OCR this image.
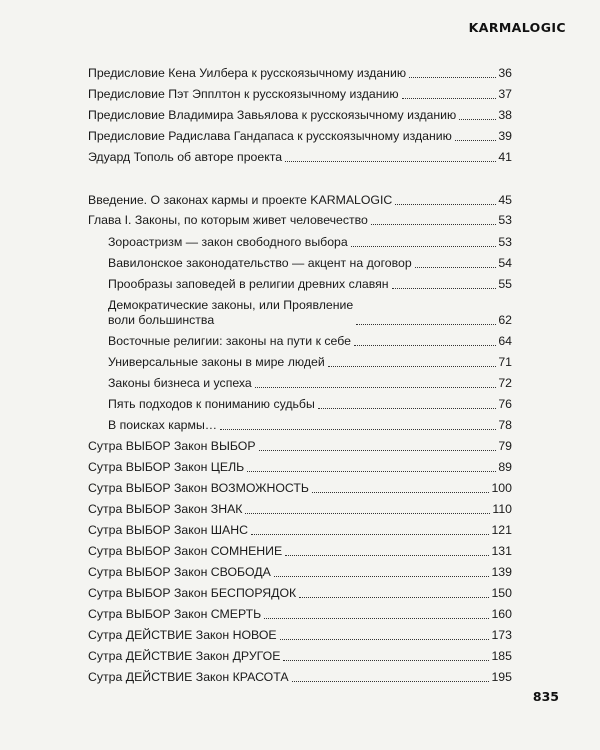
KARMALOGIC
Предисловие Кена Уилбера к русскоязычному изданию	36
Предисловие Пэт Эпплтон к русскоязычному изданию	37
Предисловие Владимира Завьялова к русскоязычному изданию	38
Предисловие Радислава Гандапаса к русскоязычному изданию	39
Эдуард Тополь об авторе проекта	41
Введение. О законах кармы и проекте KARMALOGIC	45
Глава I. Законы, по которым живет человечество	53
Зороастризм — закон свободного выбора	53
Вавилонское законодательство — акцент на договор	54
Прообразы заповедей в религии древних славян	55
Демократические законы, или Проявление
воли большинства	62
Восточные религии: законы на пути к себе	64
Универсальные законы в мире людей	71
Законы бизнеса и успеха	72
Пять подходов к пониманию судьбы	76
В поисках кармы…	78
Сутра ВЫБОР Закон ВЫБОР	79
Сутра ВЫБОР Закон ЦЕЛЬ	89
Сутра ВЫБОР Закон ВОЗМОЖНОСТЬ	100
Сутра ВЫБОР Закон ЗНАК	110
Сутра ВЫБОР Закон ШАНС	121
Сутра ВЫБОР Закон СОМНЕНИЕ	131
Сутра ВЫБОР Закон СВОБОДА	139
Сутра ВЫБОР Закон БЕСПОРЯДОК	150
Сутра ВЫБОР Закон СМЕРТЬ	160
Сутра ДЕЙСТВИЕ Закон НОВОЕ	173
Сутра ДЕЙСТВИЕ Закон ДРУГОЕ	185
Сутра ДЕЙСТВИЕ Закон КРАСОТА	195
835
